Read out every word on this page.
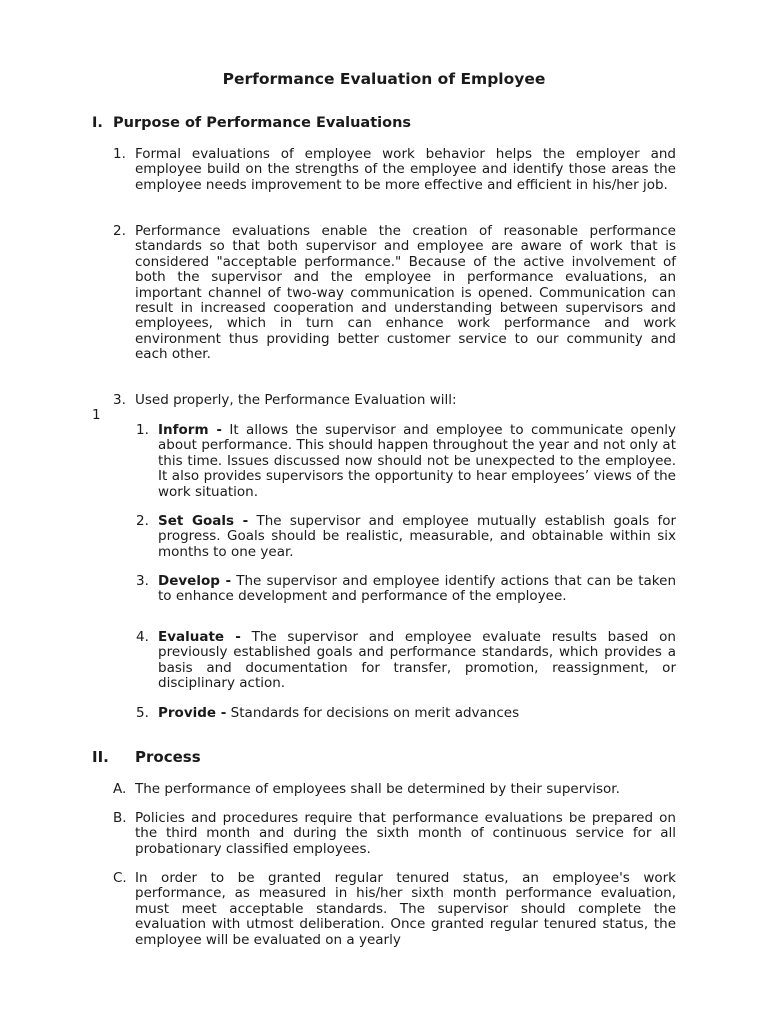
Performance Evaluation of Employee
I. Purpose of Performance Evaluations
1. Formal evaluations of employee work behavior helps the employer and employee build on the strengths of the employee and identify those areas the employee needs improvement to be more effective and efficient in his/her job.
2. Performance evaluations enable the creation of reasonable performance standards so that both supervisor and employee are aware of work that is considered "acceptable performance." Because of the active involvement of both the supervisor and the employee in performance evaluations, an important channel of two-way communication is opened. Communication can result in increased cooperation and understanding between supervisors and employees, which in turn can enhance work performance and work environment thus providing better customer service to our community and each other.
3. Used properly, the Performance Evaluation will:
1
1. Inform - It allows the supervisor and employee to communicate openly about performance. This should happen throughout the year and not only at this time. Issues discussed now should not be unexpected to the employee. It also provides supervisors the opportunity to hear employees’ views of the work situation.
2. Set Goals - The supervisor and employee mutually establish goals for progress. Goals should be realistic, measurable, and obtainable within six months to one year.
3. Develop - The supervisor and employee identify actions that can be taken to enhance development and performance of the employee.
4. Evaluate - The supervisor and employee evaluate results based on previously established goals and performance standards, which provides a basis and documentation for transfer, promotion, reassignment, or disciplinary action.
5. Provide - Standards for decisions on merit advances
II. Process
A. The performance of employees shall be determined by their supervisor.
B. Policies and procedures require that performance evaluations be prepared on the third month and during the sixth month of continuous service for all probationary classified employees.
C. In order to be granted regular tenured status, an employee's work performance, as measured in his/her sixth month performance evaluation, must meet acceptable standards. The supervisor should complete the evaluation with utmost deliberation. Once granted regular tenured status, the employee will be evaluated on a yearly
